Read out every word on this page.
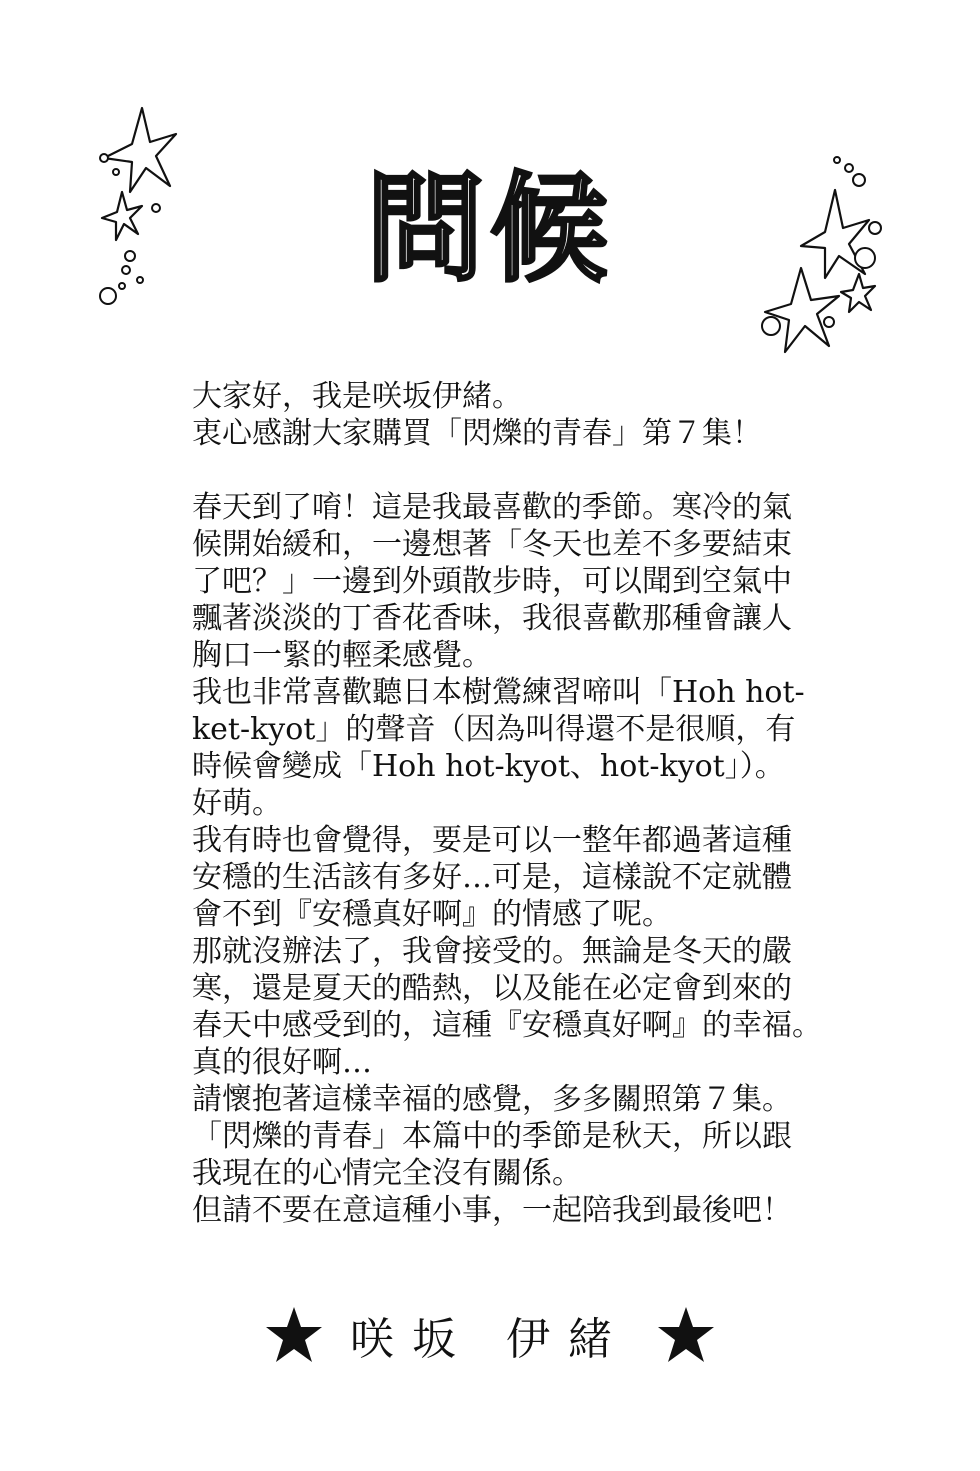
問候
大家好，我是咲坂伊緒。
衷心感謝大家購買「閃爍的青春」第７集！
春天到了唷！這是我最喜歡的季節。寒冷的氣
候開始緩和，一邊想著「冬天也差不多要結束
了吧？」一邊到外頭散步時，可以聞到空氣中
飄著淡淡的丁香花香味，我很喜歡那種會讓人
胸口一緊的輕柔感覺。
我也非常喜歡聽日本樹鶯練習啼叫「Hoh hot-
ket-kyot」的聲音（因為叫得還不是很順，有
時候會變成「Hoh hot-kyot、hot-kyot」）。
好萌。
我有時也會覺得，要是可以一整年都過著這種
安穩的生活該有多好…可是，這樣說不定就體
會不到『安穩真好啊』的情感了呢。
那就沒辦法了，我會接受的。無論是冬天的嚴
寒，還是夏天的酷熱，以及能在必定會到來的
春天中感受到的，這種『安穩真好啊』的幸福。
真的很好啊…
請懷抱著這樣幸福的感覺，多多關照第７集。
「閃爍的青春」本篇中的季節是秋天，所以跟
我現在的心情完全沒有關係。
但請不要在意這種小事，一起陪我到最後吧！
咲坂 伊緒
